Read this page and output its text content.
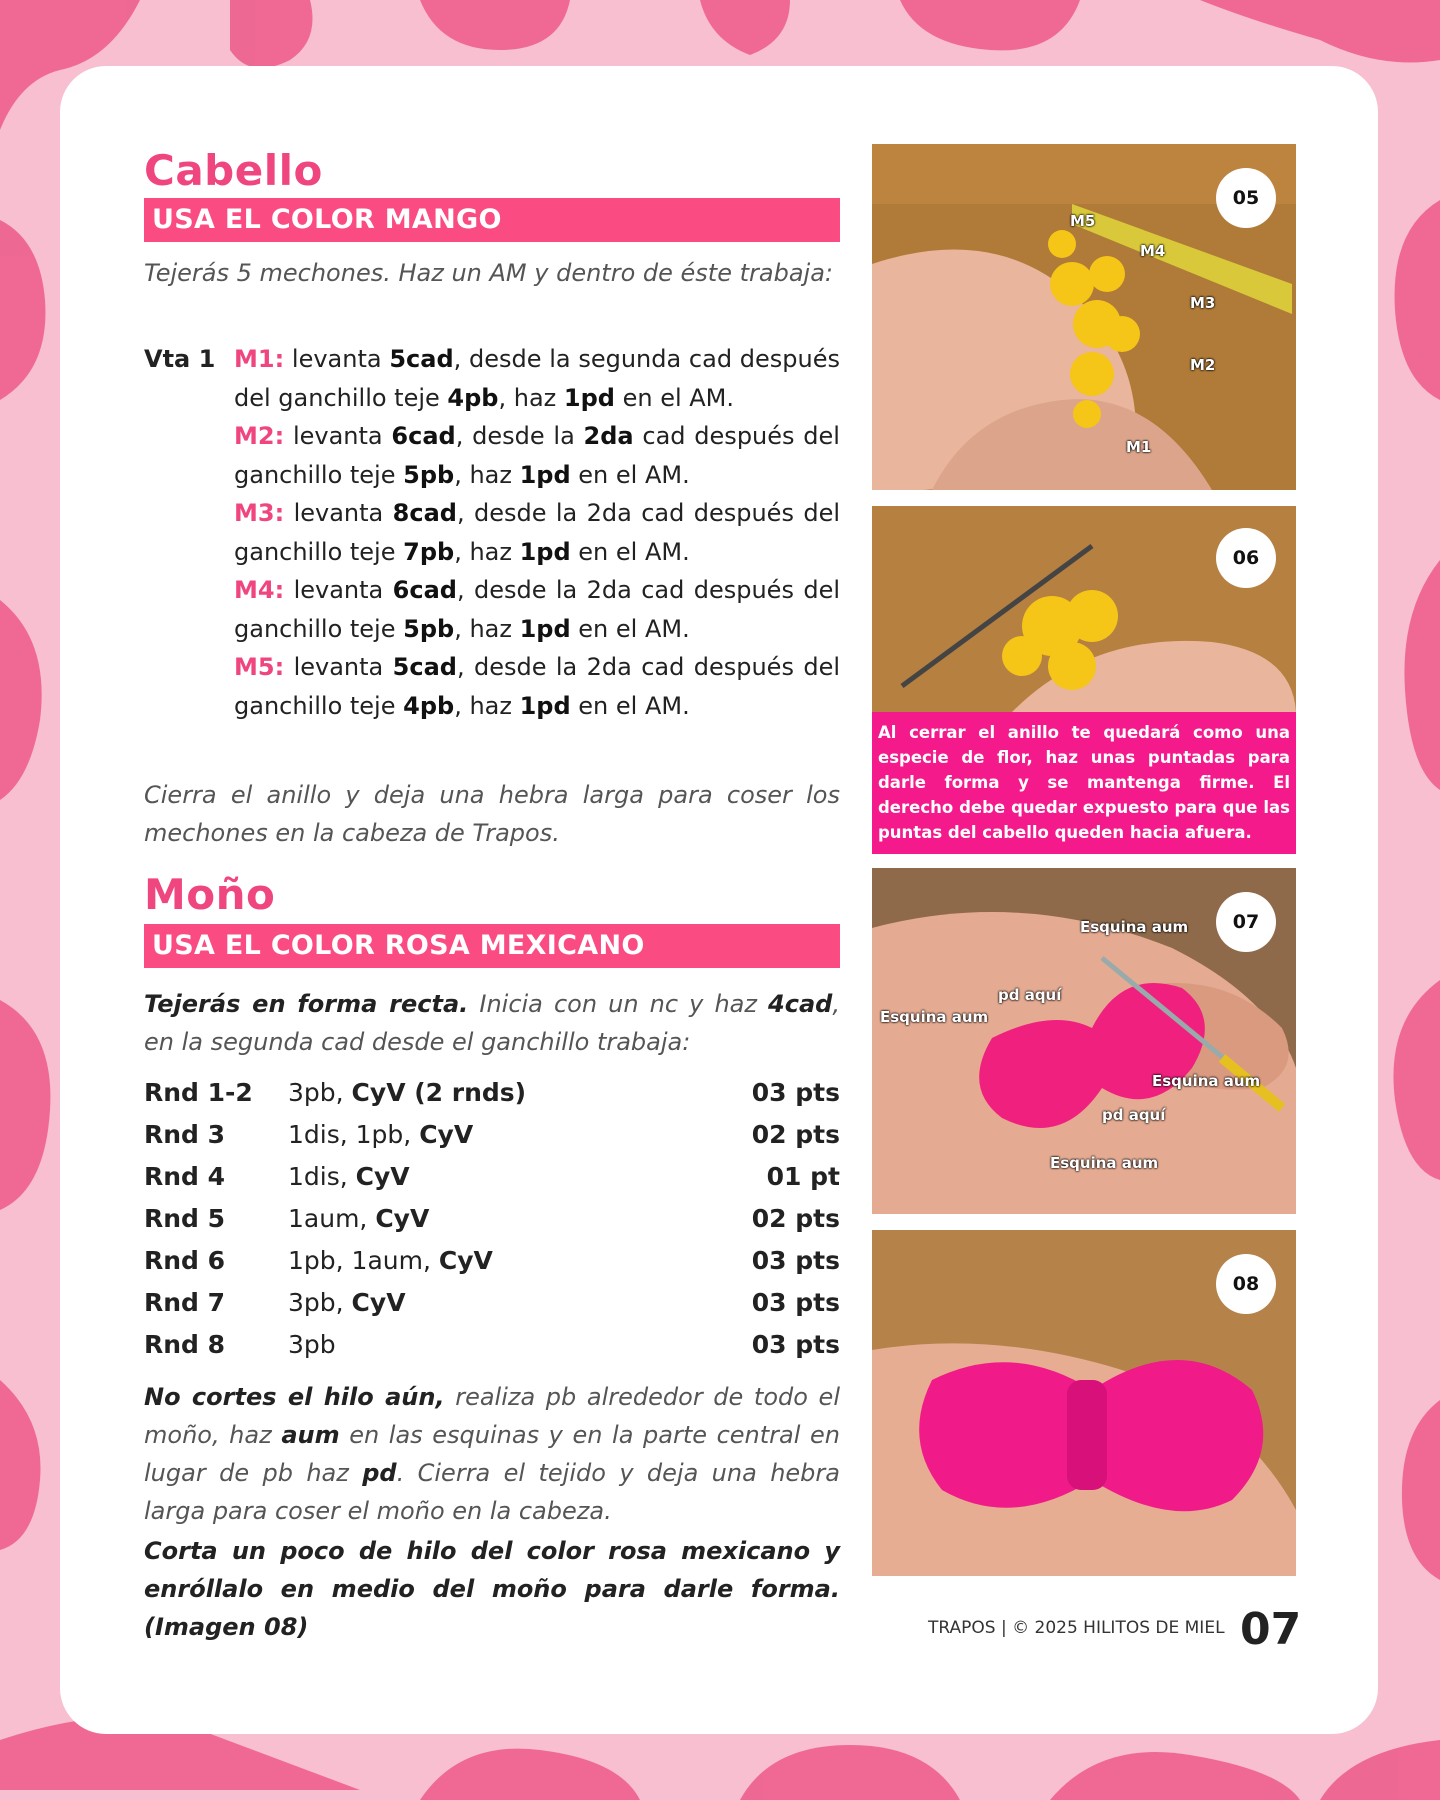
Cabello
USA EL COLOR MANGO
Tejerás 5 mechones. Haz un AM y dentro de éste trabaja:
Vta 1 M1: levanta 5cad, desde la segunda cad después del ganchillo teje 4pb, haz 1pd en el AM.
M2: levanta 6cad, desde la 2da cad después del ganchillo teje 5pb, haz 1pd en el AM.
M3: levanta 8cad, desde la 2da cad después del ganchillo teje 7pb, haz 1pd en el AM.
M4: levanta 6cad, desde la 2da cad después del ganchillo teje 5pb, haz 1pd en el AM.
M5: levanta 5cad, desde la 2da cad después del ganchillo teje 4pb, haz 1pd en el AM.
Cierra el anillo y deja una hebra larga para coser los mechones en la cabeza de Trapos.
Moño
USA EL COLOR ROSA MEXICANO
Tejerás en forma recta. Inicia con un nc y haz 4cad, en la segunda cad desde el ganchillo trabaja:
Rnd 1-2 3pb, CyV (2 rnds)	03 pts
Rnd 3	1dis, 1pb, CyV	02 pts
Rnd 4	1dis, CyV	01 pt
Rnd 5	1aum, CyV	02 pts
Rnd 6	1pb, 1aum, CyV	03 pts
Rnd 7	3pb, CyV	03 pts
Rnd 8	3pb	03 pts
No cortes el hilo aún, realiza pb alrededor de todo el moño, haz aum en las esquinas y en la parte central en lugar de pb haz pd. Cierra el tejido y deja una hebra larga para coser el moño en la cabeza.
Corta un poco de hilo del color rosa mexicano y enróllalo en medio del moño para darle forma. (Imagen 08)
M5
M4
M3
M2
M1
05
06
Al cerrar el anillo te quedará como una especie de flor, haz unas puntadas para darle forma y se mantenga firme. El derecho debe quedar expuesto para que las puntas del cabello queden hacia afuera.
Esquina aum
pd aquí
Esquina aum
Esquina aum
pd aquí
Esquina aum
07
08
TRAPOS | © 2025 HILITOS DE MIEL 07
